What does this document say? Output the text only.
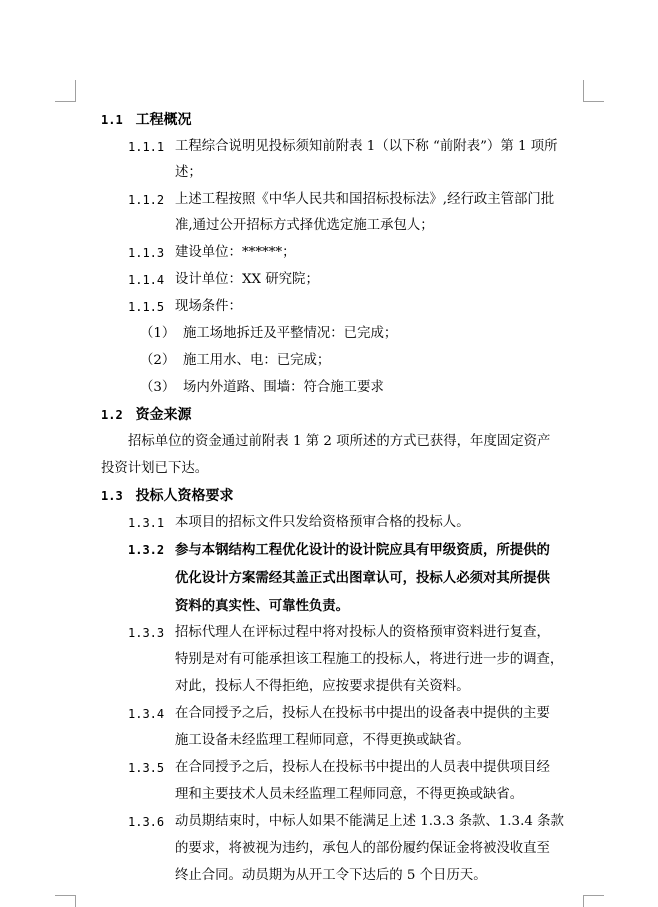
1.1 工程概况
1.1.1 工程综合说明见投标须知前附表 1（以下称 “前附表”）第 1 项所
述；
1.1.2 上述工程按照《中华人民共和国招标投标法》,经行政主管部门批
准,通过公开招标方式择优选定施工承包人；
1.1.3 建设单位：******；
1.1.4 设计单位：XX 研究院；
1.1.5 现场条件：
（1） 施工场地拆迁及平整情况：已完成；
（2） 施工用水、电：已完成；
（3） 场内外道路、围墙：符合施工要求
1.2 资金来源
招标单位的资金通过前附表 1 第 2 项所述的方式已获得，年度固定资产
投资计划已下达。
1.3 投标人资格要求
1.3.1 本项目的招标文件只发给资格预审合格的投标人。
1.3.2 参与本钢结构工程优化设计的设计院应具有甲级资质，所提供的
优化设计方案需经其盖正式出图章认可，投标人必须对其所提供
资料的真实性、可靠性负责。
1.3.3 招标代理人在评标过程中将对投标人的资格预审资料进行复查，
特别是对有可能承担该工程施工的投标人，将进行进一步的调查，
对此，投标人不得拒绝，应按要求提供有关资料。
1.3.4 在合同授予之后，投标人在投标书中提出的设备表中提供的主要
施工设备未经监理工程师同意，不得更换或缺省。
1.3.5 在合同授予之后，投标人在投标书中提出的人员表中提供项目经
理和主要技术人员未经监理工程师同意，不得更换或缺省。
1.3.6 动员期结束时，中标人如果不能满足上述 1.3.3 条款、1.3.4 条款
的要求，将被视为违约，承包人的部份履约保证金将被没收直至
终止合同。动员期为从开工令下达后的 5 个日历天。
